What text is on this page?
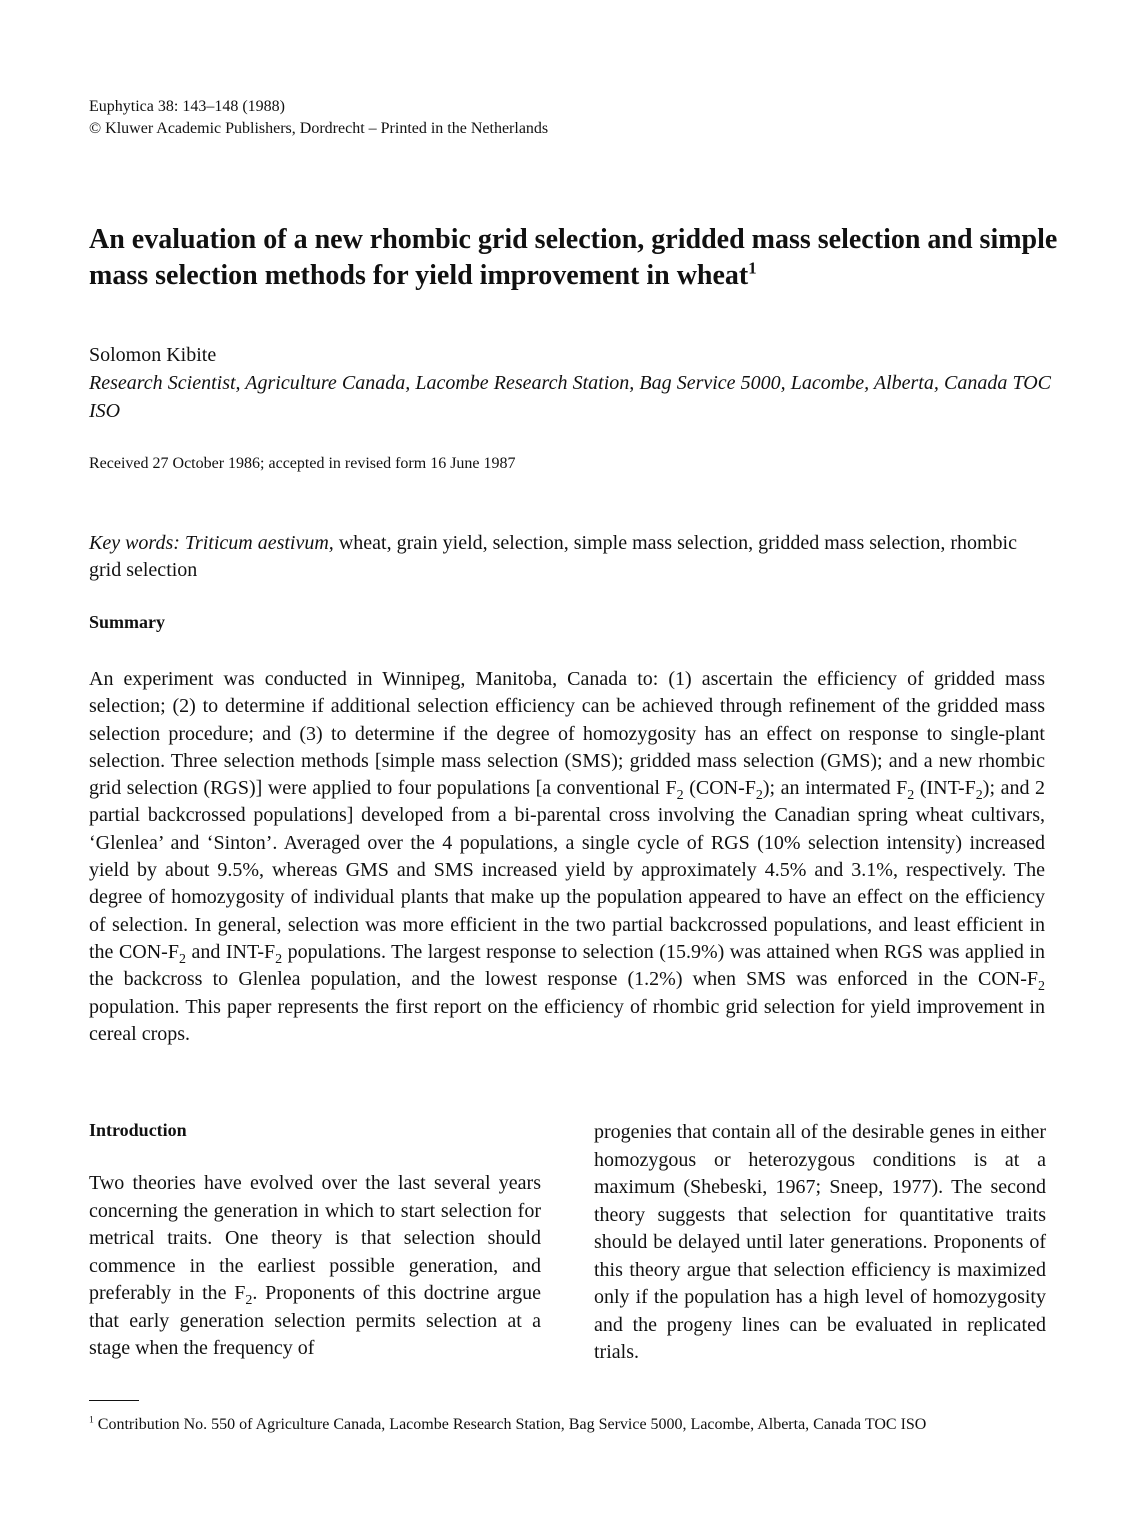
Euphytica 38: 143–148 (1988)
© Kluwer Academic Publishers, Dordrecht – Printed in the Netherlands
An evaluation of a new rhombic grid selection, gridded mass selection and simple mass selection methods for yield improvement in wheat$^1$
Solomon Kibite
Research Scientist, Agriculture Canada, Lacombe Research Station, Bag Service 5000, Lacombe, Alberta, Canada TOC ISO
Received 27 October 1986; accepted in revised form 16 June 1987
Key words: Triticum aestivum, wheat, grain yield, selection, simple mass selection, gridded mass selection, rhombic grid selection
Summary
An experiment was conducted in Winnipeg, Manitoba, Canada to: (1) ascertain the efficiency of gridded mass selection; (2) to determine if additional selection efficiency can be achieved through refinement of the gridded mass selection procedure; and (3) to determine if the degree of homozygosity has an effect on response to single-plant selection. Three selection methods [simple mass selection (SMS); gridded mass selection (GMS); and a new rhombic grid selection (RGS)] were applied to four populations [a conventional $F_2$ $(CON-F_2)$; an intermated $F_2$ $(INT-F_2)$; and 2 partial backcrossed populations] developed from a bi-parental cross involving the Canadian spring wheat cultivars, ‘Glenlea’ and ‘Sinton’. Averaged over the 4 populations, a single cycle of RGS (10% selection intensity) increased yield by about 9.5%, whereas GMS and SMS increased yield by approximately 4.5% and 3.1%, respectively. The degree of homozygosity of individual plants that make up the population appeared to have an effect on the efficiency of selection. In general, selection was more efficient in the two partial backcrossed populations, and least efficient in the CON-$F_2$ and INT-$F_2$ populations. The largest response to selection (15.9%) was attained when RGS was applied in the backcross to Glenlea population, and the lowest response (1.2%) when SMS was enforced in the CON-$F_2$ population. This paper represents the first report on the efficiency of rhombic grid selection for yield improvement in cereal crops.
Introduction

Two theories have evolved over the last several years concerning the generation in which to start selection for metrical traits. One theory is that selection should commence in the earliest possible generation, and preferably in the $F_2$. Proponents of this doctrine argue that early generation selection permits selection at a stage when the frequency of

progenies that contain all of the desirable genes in either homozygous or heterozygous conditions is at a maximum (Shebeski, 1967; Sneep, 1977). The second theory suggests that selection for quantitative traits should be delayed until later generations. Proponents of this theory argue that selection efficiency is maximized only if the population has a high level of homozygosity and the progeny lines can be evaluated in replicated trials.

$^1$ Contribution No. 550 of Agriculture Canada, Lacombe Research Station, Bag Service 5000, Lacombe, Alberta, Canada TOC ISO
